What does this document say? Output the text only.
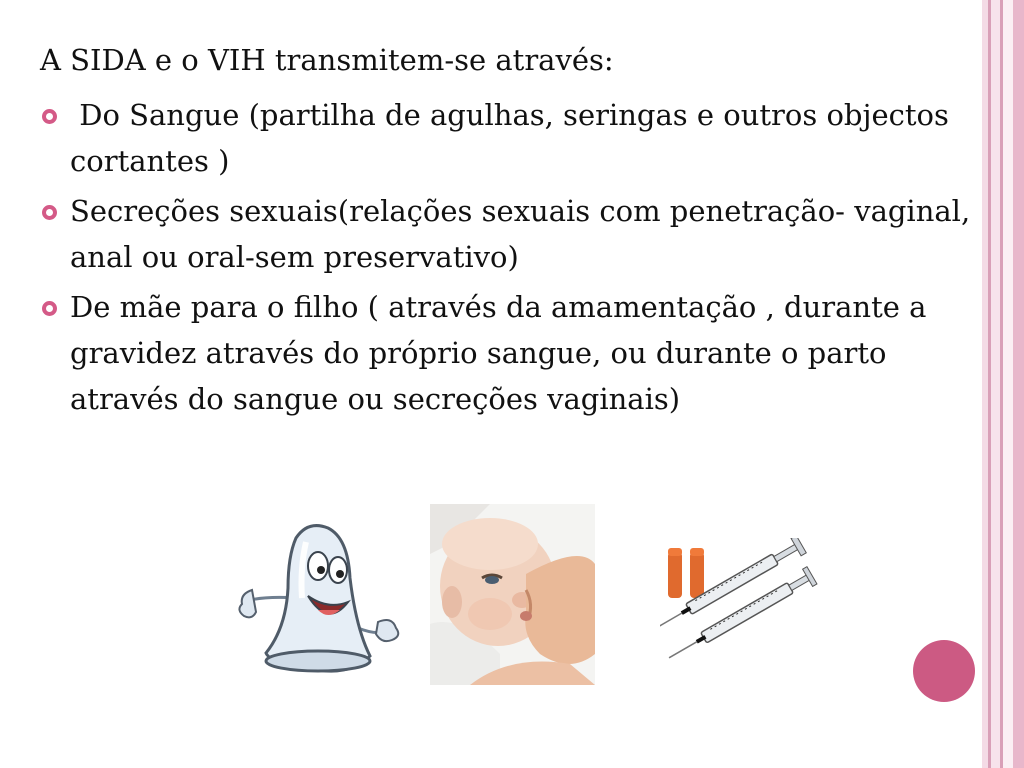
A SIDA e o VIH transmitem-se através:
Do Sangue (partilha de agulhas, seringas e outros objectos cortantes )
Secreções sexuais(relações sexuais com penetração- vaginal, anal ou oral-sem preservativo)
De mãe para o filho ( através da amamentação , durante a gravidez através do próprio sangue, ou durante o parto através do sangue ou secreções vaginais)
